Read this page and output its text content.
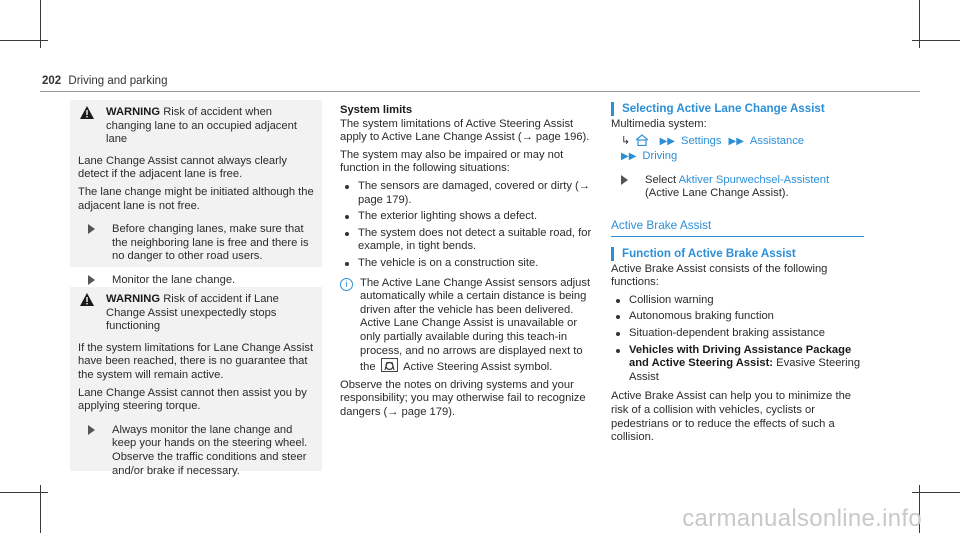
202 Driving and parking
WARNING Risk of accident when changing lane to an occupied adjacent lane

Lane Change Assist cannot always clearly detect if the adjacent lane is free.

The lane change might be initiated although the adjacent lane is not free.

Before changing lanes, make sure that the neighboring lane is free and there is no danger to other road users.
Monitor the lane change.
WARNING Risk of accident if Lane Change Assist unexpectedly stops functioning

If the system limitations for Lane Change Assist have been reached, there is no guarantee that the system will remain active.

Lane Change Assist cannot then assist you by applying steering torque.

Always monitor the lane change and keep your hands on the steering wheel. Observe the traffic conditions and steer and/or brake if necessary.
System limits

The system limitations of Active Steering Assist apply to Active Lane Change Assist (→ page 196).

The system may also be impaired or may not function in the following situations:

The sensors are damaged, covered or dirty (→ page 179).
The exterior lighting shows a defect.
The system does not detect a suitable road, for example, in tight bends.
The vehicle is on a construction site.
i	The Active Lane Change Assist sensors adjust automatically while a certain distance is being driven after the vehicle has been delivered. Active Lane Change Assist is unavailable or only partially available during this teach-in process, and no arrows are displayed next to the Active Steering Assist symbol.

Observe the notes on driving systems and your responsibility; you may otherwise fail to recognize dangers (→ page 179).

Selecting Active Lane Change Assist

Multimedia system:

↳	▶▶ Settings ▶▶ Assistance
▶▶ Driving
Select Aktiver Spurwechsel-Assistent (Active Lane Change Assist).
Active Brake Assist
Function of Active Brake Assist

Active Brake Assist consists of the following functions:

Collision warning
Autonomous braking function
Situation-dependent braking assistance
Vehicles with Driving Assistance Package and Active Steering Assist: Evasive Steering Assist

Active Brake Assist can help you to minimize the risk of a collision with vehicles, cyclists or pedestrians or to reduce the effects of such a collision.

carmanualsonline.info
